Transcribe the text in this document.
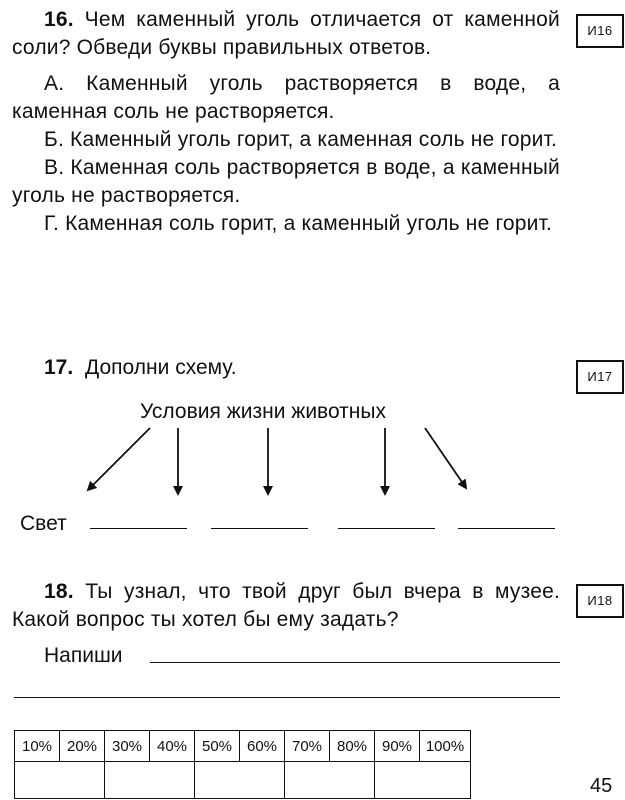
16. Чем каменный уголь отличается от каменной соли? Обведи буквы правильных ответов.

А. Каменный уголь растворяется в воде, а каменная соль не растворяется.

Б. Каменный уголь горит, а каменная соль не горит.

В. Каменная соль растворяется в воде, а каменный уголь не растворяется.

Г. Каменная соль горит, а каменный уголь не горит.

И16
17. Дополни схему.	И17
Условия жизни животных
Свет

18. Ты узнал, что твой друг был вчера в музее. Какой вопрос ты хотел бы ему задать?

И18
Напиши
10%	20%	30%	40%	50%	60%	70%	80%	90%	100%

45
